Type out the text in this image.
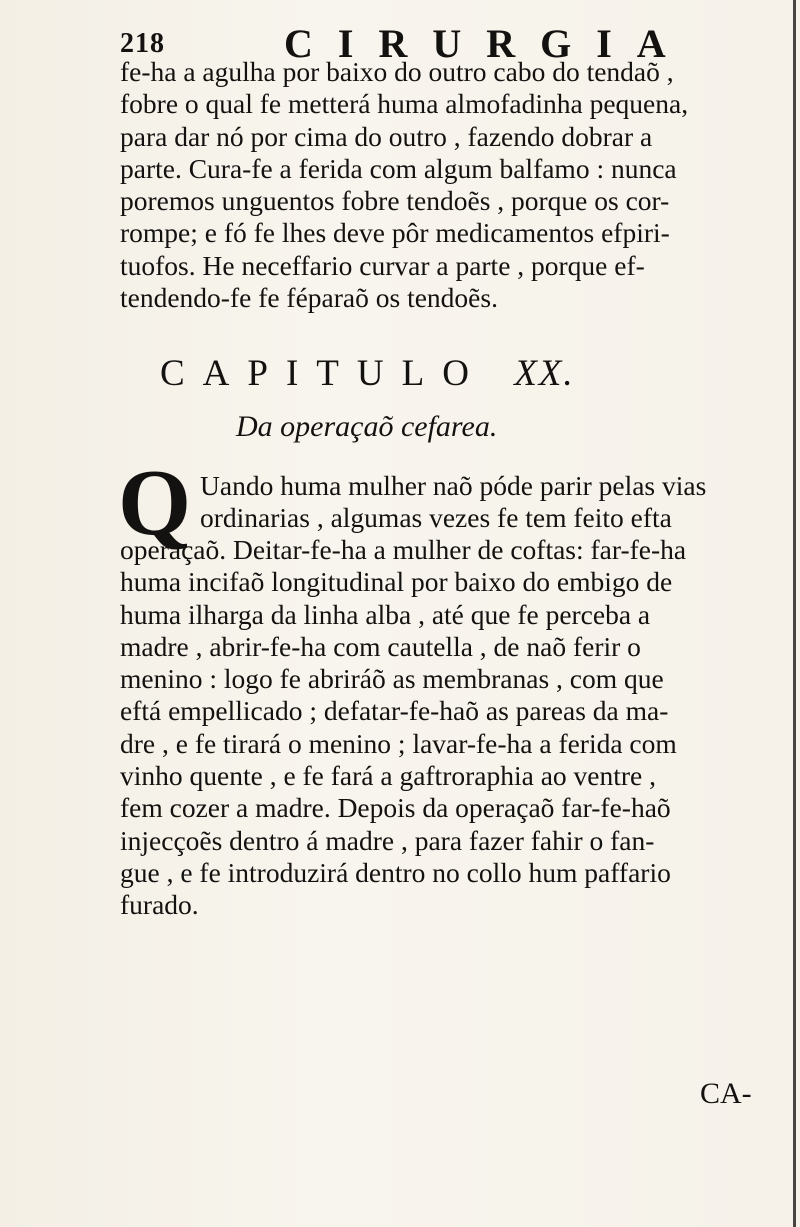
218	CIRURGIA
fe-ha a agulha por baixo do outro cabo do tendaõ ,
fobre o qual fe metterá huma almofadinha pequena,
para dar nó por cima do outro , fazendo dobrar a
parte. Cura-fe a ferida com algum balfamo : nunca
poremos unguentos fobre tendoẽs , porque os cor-
rompe; e fó fe lhes deve pôr medicamentos efpiri-
tuofos. He neceffario curvar a parte , porque ef-
tendendo-fe fe féparaõ os tendoẽs.
CAPITULO XX.
Da operaçaõ cefarea.
Q Uando huma mulher naõ póde parir pelas vias
ordinarias , algumas vezes fe tem feito efta
operaçaõ. Deitar-fe-ha a mulher de coftas: far-fe-ha
huma incifaõ longitudinal por baixo do embigo de
huma ilharga da linha alba , até que fe perceba a
madre , abrir-fe-ha com cautella , de naõ ferir o
menino : logo fe abriráõ as membranas , com que
eftá empellicado ; defatar-fe-haõ as pareas da ma-
dre , e fe tirará o menino ; lavar-fe-ha a ferida com
vinho quente , e fe fará a gaftroraphia ao ventre ,
fem cozer a madre. Depois da operaçaõ far-fe-haõ
injecçoẽs dentro á madre , para fazer fahir o fan-
gue , e fe introduzirá dentro no collo hum paffario
furado.
CA-
